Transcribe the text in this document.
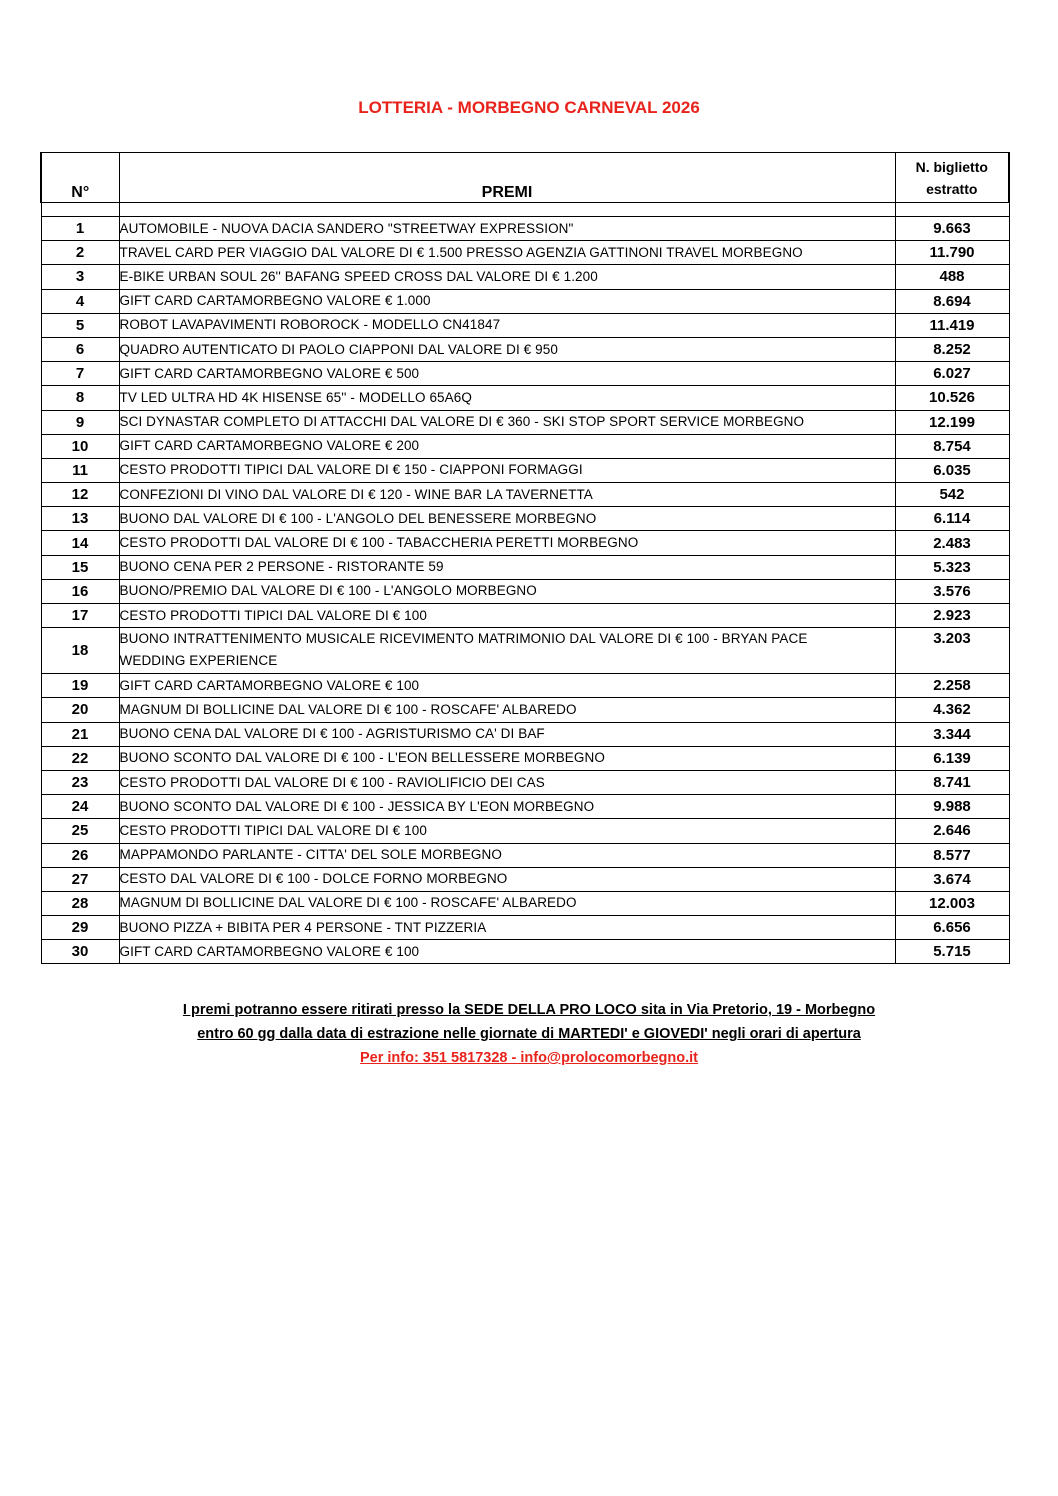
LOTTERIA - MORBEGNO CARNEVAL 2026
N°	PREMI	N. biglietto estratto

1	AUTOMOBILE - NUOVA DACIA SANDERO "STREETWAY EXPRESSION"	9.663
2	TRAVEL CARD PER VIAGGIO DAL VALORE DI € 1.500 PRESSO AGENZIA GATTINONI TRAVEL MORBEGNO	11.790
3	E-BIKE URBAN SOUL 26'' BAFANG SPEED CROSS DAL VALORE DI € 1.200	488
4	GIFT CARD CARTAMORBEGNO VALORE € 1.000	8.694
5	ROBOT LAVAPAVIMENTI ROBOROCK - MODELLO CN41847	11.419
6	QUADRO AUTENTICATO DI PAOLO CIAPPONI DAL VALORE DI € 950	8.252
7	GIFT CARD CARTAMORBEGNO VALORE € 500	6.027
8	TV LED ULTRA HD 4K HISENSE 65'' - MODELLO 65A6Q	10.526
9	SCI DYNASTAR COMPLETO DI ATTACCHI DAL VALORE DI € 360 - SKI STOP SPORT SERVICE MORBEGNO	12.199
10	GIFT CARD CARTAMORBEGNO VALORE € 200	8.754
11	CESTO PRODOTTI TIPICI DAL VALORE DI € 150 - CIAPPONI FORMAGGI	6.035
12	CONFEZIONI DI VINO DAL VALORE DI € 120 - WINE BAR LA TAVERNETTA	542
13	BUONO DAL VALORE DI € 100 - L'ANGOLO DEL BENESSERE MORBEGNO	6.114
14	CESTO PRODOTTI DAL VALORE DI € 100 - TABACCHERIA PERETTI MORBEGNO	2.483
15	BUONO CENA PER 2 PERSONE - RISTORANTE 59	5.323
16	BUONO/PREMIO DAL VALORE DI € 100 - L'ANGOLO MORBEGNO	3.576
17	CESTO PRODOTTI TIPICI DAL VALORE DI € 100	2.923
18	BUONO INTRATTENIMENTO MUSICALE RICEVIMENTO MATRIMONIO DAL VALORE DI € 100 - BRYAN PACE WEDDING EXPERIENCE	3.203
19	GIFT CARD CARTAMORBEGNO VALORE € 100	2.258
20	MAGNUM DI BOLLICINE DAL VALORE DI € 100 - ROSCAFE' ALBAREDO	4.362
21	BUONO CENA DAL VALORE DI € 100 - AGRISTURISMO CA' DI BAF	3.344
22	BUONO SCONTO DAL VALORE DI € 100 - L'EON BELLESSERE MORBEGNO	6.139
23	CESTO PRODOTTI DAL VALORE DI € 100 - RAVIOLIFICIO DEI CAS	8.741
24	BUONO SCONTO DAL VALORE DI € 100 - JESSICA BY L'EON MORBEGNO	9.988
25	CESTO PRODOTTI TIPICI DAL VALORE DI € 100	2.646
26	MAPPAMONDO PARLANTE - CITTA' DEL SOLE MORBEGNO	8.577
27	CESTO DAL VALORE DI € 100 - DOLCE FORNO MORBEGNO	3.674
28	MAGNUM DI BOLLICINE DAL VALORE DI € 100 - ROSCAFE' ALBAREDO	12.003
29	BUONO PIZZA + BIBITA PER 4 PERSONE - TNT PIZZERIA	6.656
30	GIFT CARD CARTAMORBEGNO VALORE € 100	5.715
I premi potranno essere ritirati presso la SEDE DELLA PRO LOCO sita in Via Pretorio, 19 - Morbegno
entro 60 gg dalla data di estrazione nelle giornate di MARTEDI' e GIOVEDI' negli orari di apertura
Per info: 351 5817328 - info@prolocomorbegno.it
